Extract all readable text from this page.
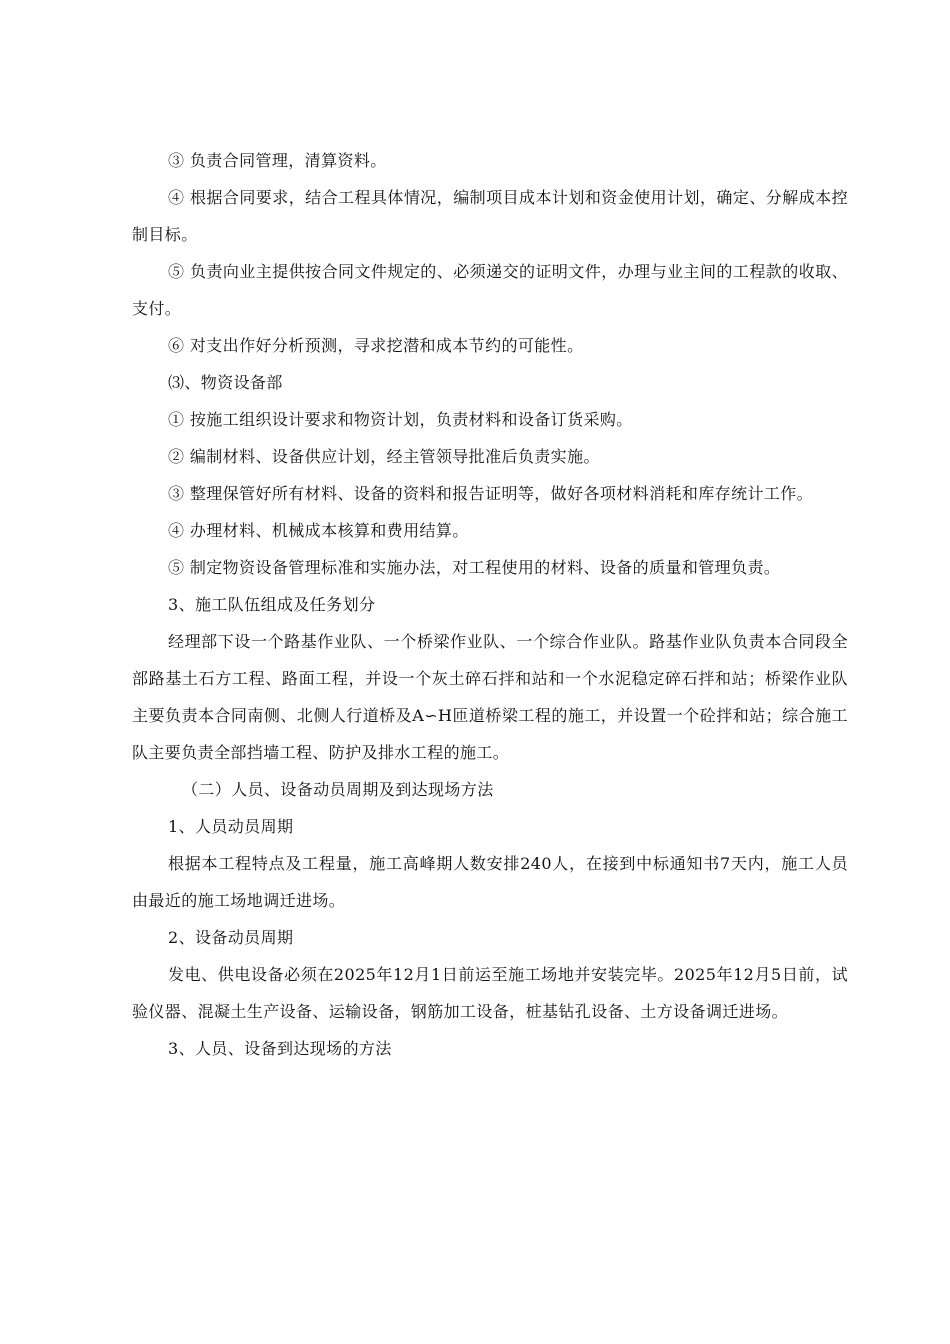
③ 负责合同管理，清算资料。

④ 根据合同要求，结合工程具体情况，编制项目成本计划和资金使用计划，确定、分解成本控制目标。

⑤ 负责向业主提供按合同文件规定的、必须递交的证明文件，办理与业主间的工程款的收取、支付。

⑥ 对支出作好分析预测，寻求挖潜和成本节约的可能性。

⑶、物资设备部

① 按施工组织设计要求和物资计划，负责材料和设备订货采购。

② 编制材料、设备供应计划，经主管领导批准后负责实施。

③ 整理保管好所有材料、设备的资料和报告证明等，做好各项材料消耗和库存统计工作。

④ 办理材料、机械成本核算和费用结算。

⑤ 制定物资设备管理标准和实施办法，对工程使用的材料、设备的质量和管理负责。

3、施工队伍组成及任务划分

经理部下设一个路基作业队、一个桥梁作业队、一个综合作业队。路基作业队负责本合同段全部路基土石方工程、路面工程，并设一个灰土碎石拌和站和一个水泥稳定碎石拌和站；桥梁作业队主要负责本合同南侧、北侧人行道桥及A∽H匝道桥梁工程的施工，并设置一个砼拌和站；综合施工队主要负责全部挡墙工程、防护及排水工程的施工。

（二）人员、设备动员周期及到达现场方法

1、人员动员周期

根据本工程特点及工程量，施工高峰期人数安排240人，在接到中标通知书7天内，施工人员由最近的施工场地调迁进场。

2、设备动员周期

发电、供电设备必须在2025年12月1日前运至施工场地并安装完毕。2025年12月5日前，试验仪器、混凝土生产设备、运输设备，钢筋加工设备，桩基钻孔设备、土方设备调迁进场。

3、人员、设备到达现场的方法
